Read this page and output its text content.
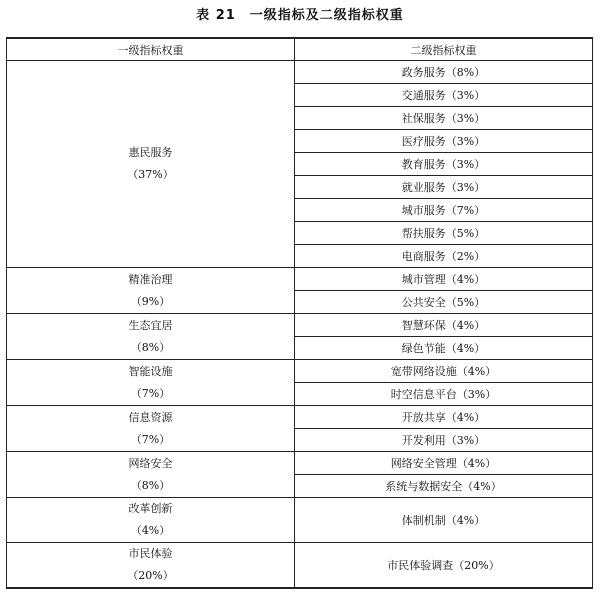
表 21 一级指标及二级指标权重
一级指标权重	二级指标权重

惠民服务
（37%）	政务服务（8%）
	交通服务（3%）
	社保服务（3%）
	医疗服务（3%）
	教育服务（3%）
	就业服务（3%）
	城市服务（7%）
	帮扶服务（5%）
	电商服务（2%）

精准治理
（9%）	城市管理（4%）
	公共安全（5%）

生态宜居
（8%）	智慧环保（4%）
	绿色节能（4%）

智能设施
（7%）	宽带网络设施（4%）
	时空信息平台（3%）

信息资源
（7%）	开放共享（4%）
	开发利用（3%）

网络安全
（8%）	网络安全管理（4%）
	系统与数据安全（4%）

改革创新
（4%）	体制机制（4%）

市民体验
（20%）	市民体验调查（20%）
